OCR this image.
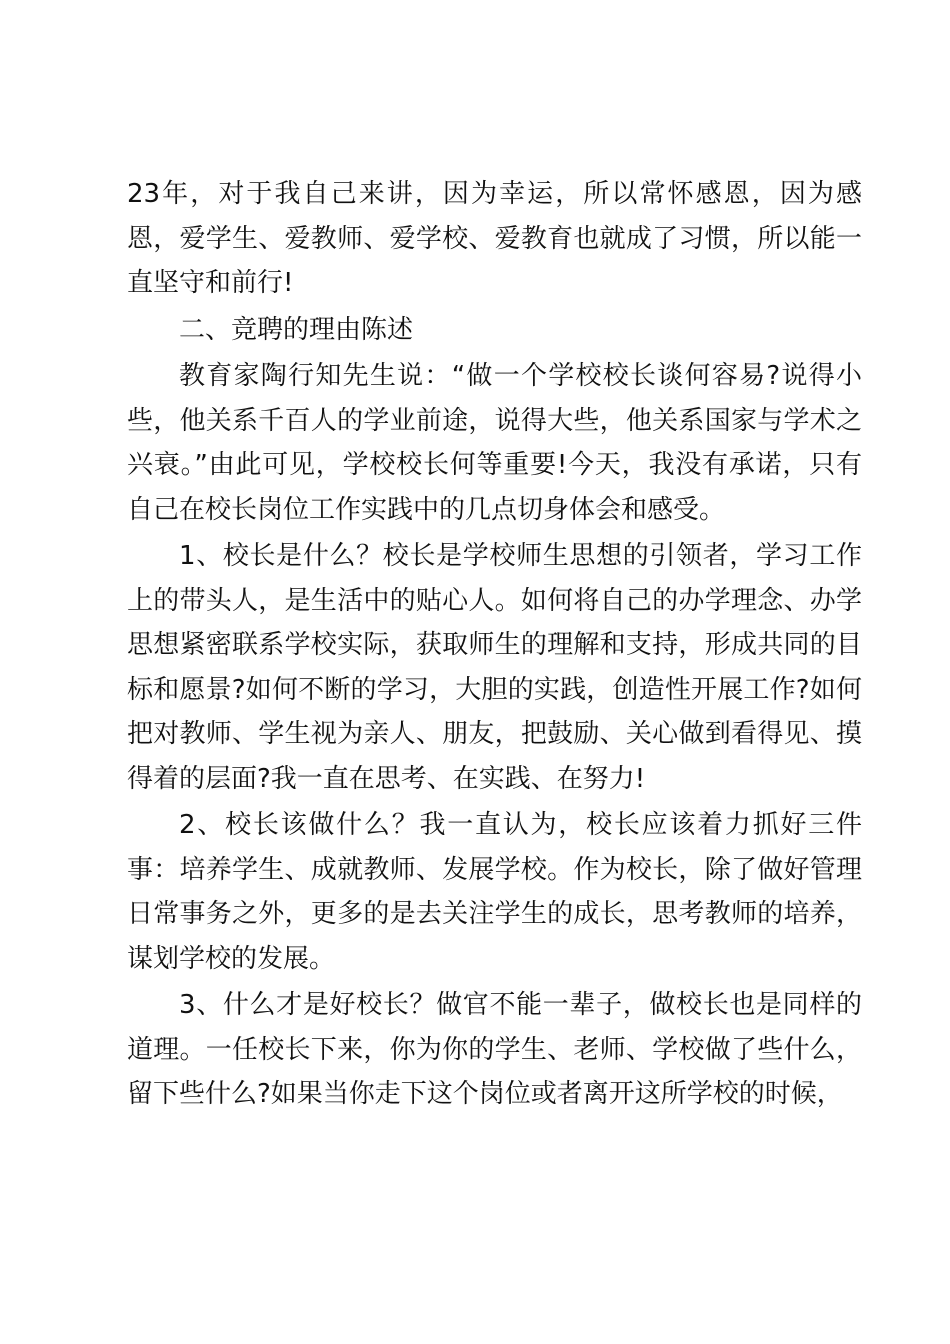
23年，对于我自己来讲，因为幸运，所以常怀感恩，因为感恩，爱学生、爱教师、爱学校、爱教育也就成了习惯，所以能一直坚守和前行!

二、竞聘的理由陈述

教育家陶行知先生说：“做一个学校校长谈何容易?说得小些，他关系千百人的学业前途，说得大些，他关系国家与学术之兴衰。”由此可见，学校校长何等重要!今天，我没有承诺，只有自己在校长岗位工作实践中的几点切身体会和感受。

1、校长是什么？校长是学校师生思想的引领者，学习工作上的带头人，是生活中的贴心人。如何将自己的办学理念、办学思想紧密联系学校实际，获取师生的理解和支持，形成共同的目标和愿景?如何不断的学习，大胆的实践，创造性开展工作?如何把对教师、学生视为亲人、朋友，把鼓励、关心做到看得见、摸得着的层面?我一直在思考、在实践、在努力!

2、校长该做什么？我一直认为，校长应该着力抓好三件事：培养学生、成就教师、发展学校。作为校长，除了做好管理日常事务之外，更多的是去关注学生的成长，思考教师的培养，谋划学校的发展。

3、什么才是好校长？做官不能一辈子，做校长也是同样的道理。一任校长下来，你为你的学生、老师、学校做了些什么，留下些什么?如果当你走下这个岗位或者离开这所学校的时候，
